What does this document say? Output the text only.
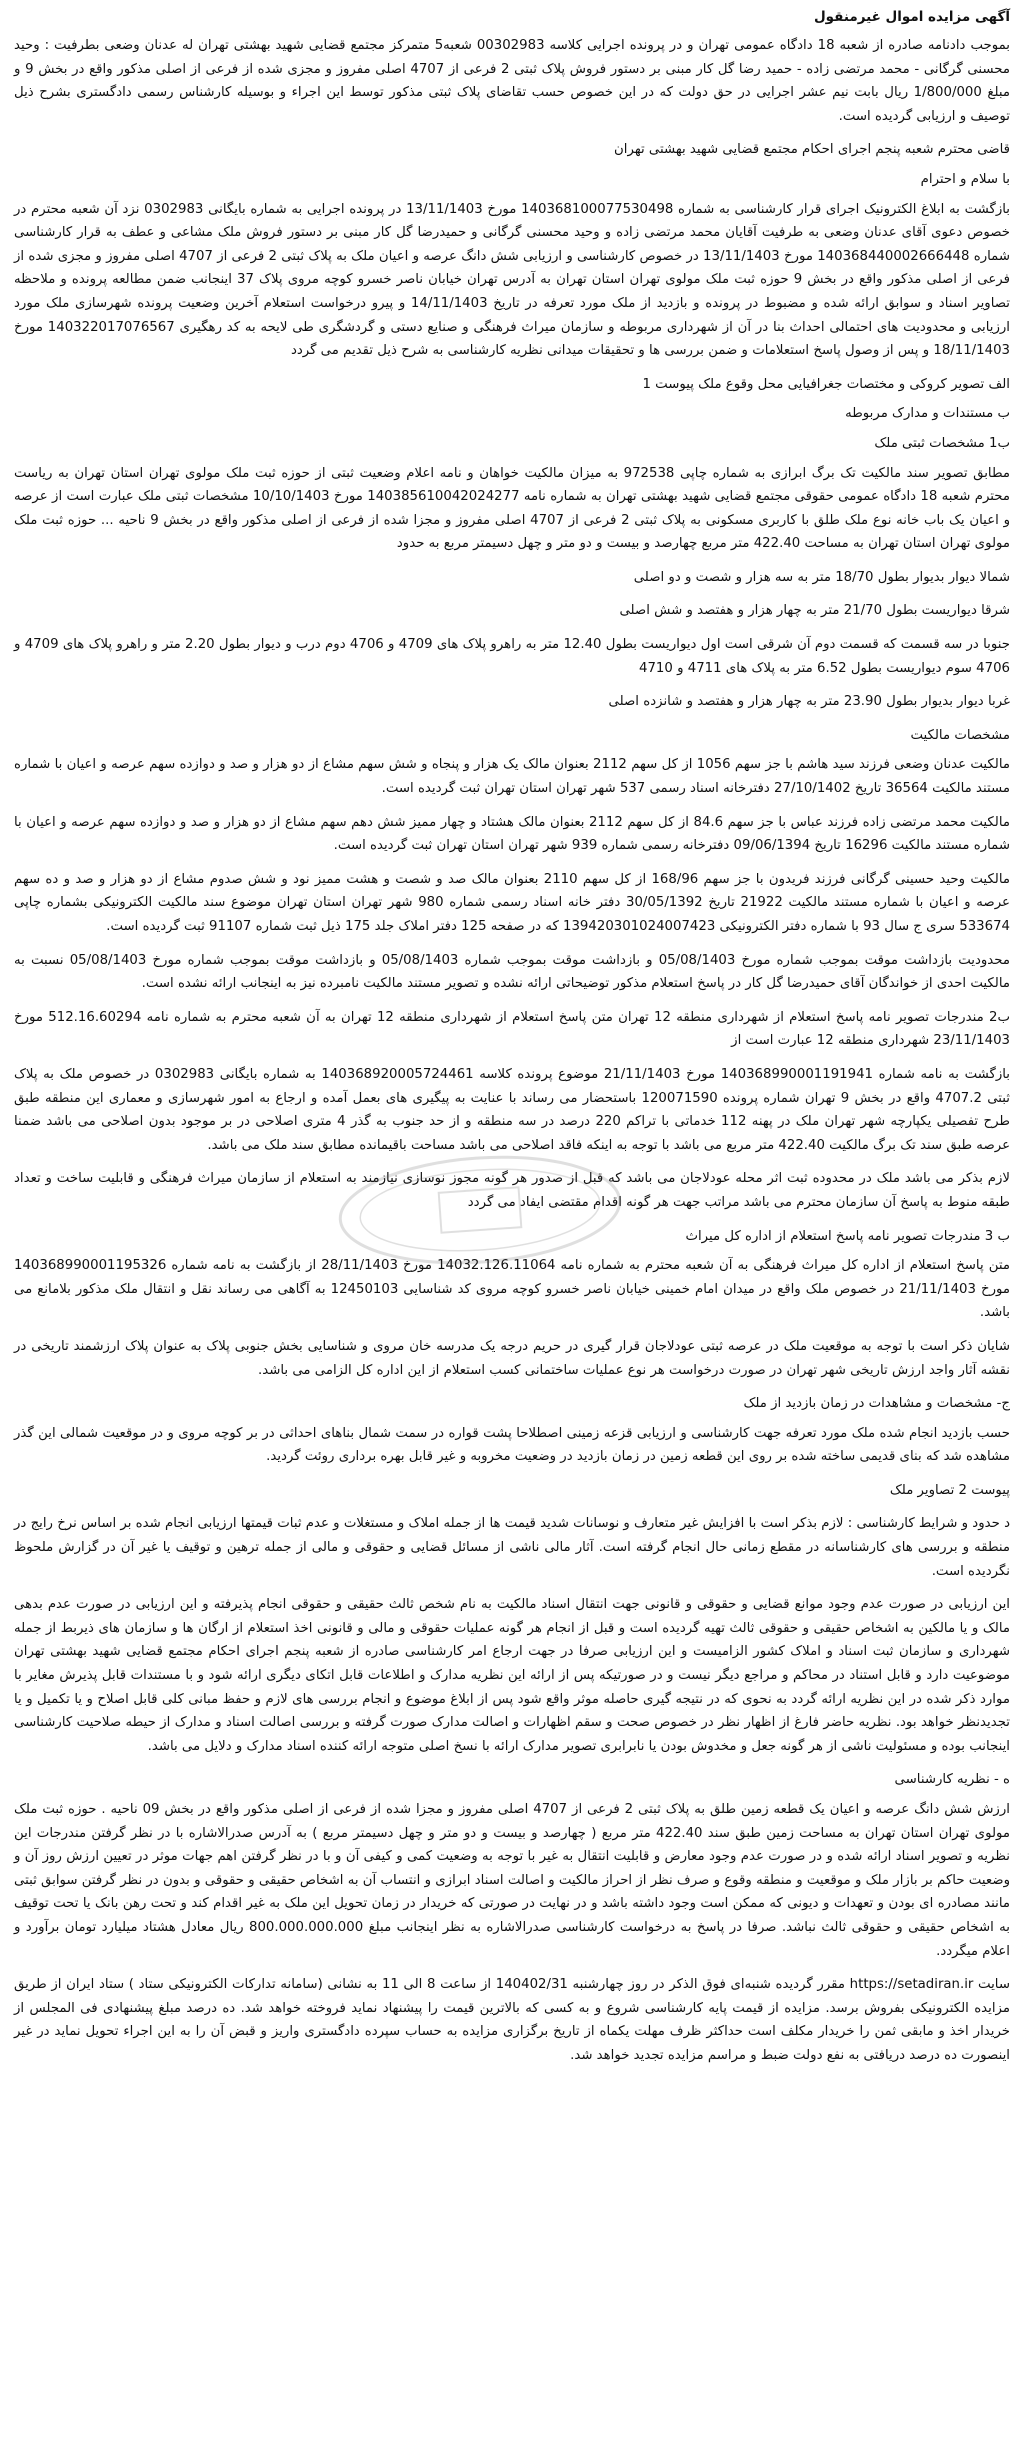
آگهی مزایده اموال غیرمنقول

بموجب دادنامه صادره از شعبه 18 دادگاه عمومی تهران و در پرونده اجرایی کلاسه 00302983 شعبه5 متمرکز مجتمع قضایی شهید بهشتی تهران له عدنان وضعی بطرفیت : وحید محسنی گرگانی - محمد مرتضی زاده - حمید رضا گل کار مبنی بر دستور فروش پلاک ثبتی 2 فرعی از 4707 اصلی مفروز و مجزی شده از فرعی از اصلی مذکور واقع در بخش 9 و مبلغ 1/800/000 ریال بابت نیم عشر اجرایی در حق دولت که در این خصوص حسب تقاضای پلاک ثبتی مذکور توسط این اجراء و بوسیله کارشناس رسمی دادگستری بشرح ذیل توصیف و ارزیابی گردیده است.

قاضی محترم شعبه پنجم اجرای احکام مجتمع قضایی شهید بهشتی تهران

با سلام و احترام

بازگشت به ابلاغ الکترونیک اجرای قرار کارشناسی به شماره 140368100077530498 مورخ 13/11/1403 در پرونده اجرایی به شماره بایگانی 0302983 نزد آن شعبه محترم در خصوص دعوی آقای عدنان وضعی به طرفیت آقایان محمد مرتضی زاده و وحید محسنی گرگانی و حمیدرضا گل کار مبنی بر دستور فروش ملک مشاعی و عطف به قرار کارشناسی شماره 140368440002666448 مورخ 13/11/1403 در خصوص کارشناسی و ارزیابی شش دانگ عرصه و اعیان ملک به پلاک ثبتی 2 فرعی از 4707 اصلی مفروز و مجزی شده از فرعی از اصلی مذکور واقع در بخش 9 حوزه ثبت ملک مولوی تهران استان تهران به آدرس تهران خیابان ناصر خسرو کوچه مروی پلاک 37 اینجانب ضمن مطالعه پرونده و ملاحظه تصاویر اسناد و سوابق ارائه شده و مضبوط در پرونده و بازدید از ملک مورد تعرفه در تاریخ 14/11/1403 و پیرو درخواست استعلام آخرین وضعیت پرونده شهرسازی ملک مورد ارزیابی و محدودیت های احتمالی احداث بنا در آن از شهرداری مربوطه و سازمان میراث فرهنگی و صنایع دستی و گردشگری طی لایحه به کد رهگیری 140322017076567 مورخ 18/11/1403 و پس از وصول پاسخ استعلامات و ضمن بررسی ها و تحقیقات میدانی نظریه کارشناسی به شرح ذیل تقدیم می گردد

الف تصویر کروکی و مختصات جغرافیایی محل وقوع ملک پیوست 1

ب مستندات و مدارک مربوطه

ب1 مشخصات ثبتی ملک

مطابق تصویر سند مالکیت تک برگ ابرازی به شماره چاپی 972538 به میزان مالکیت خواهان و نامه اعلام وضعیت ثبتی از حوزه ثبت ملک مولوی تهران استان تهران به ریاست محترم شعبه 18 دادگاه عمومی حقوقی مجتمع قضایی شهید بهشتی تهران به شماره نامه 140385610042024277 مورخ 10/10/1403 مشخصات ثبتی ملک عبارت است از عرصه و اعیان یک باب خانه نوع ملک طلق با کاربری مسکونی به پلاک ثبتی 2 فرعی از 4707 اصلی مفروز و مجزا شده از فرعی از اصلی مذکور واقع در بخش 9 ناحیه ... حوزه ثبت ملک مولوی تهران استان تهران به مساحت 422.40 متر مربع چهارصد و بیست و دو متر و چهل دسیمتر مربع به حدود

شمالا دیوار بدیوار بطول 18/70 متر به سه هزار و شصت و دو اصلی

شرقا دیواریست بطول 21/70 متر به چهار هزار و هفتصد و شش اصلی

جنوبا در سه قسمت که قسمت دوم آن شرقی است اول دیواریست بطول 12.40 متر به راهرو پلاک های 4709 و 4706 دوم درب و دیوار بطول 2.20 متر و راهرو پلاک های 4709 و 4706 سوم دیواریست بطول 6.52 متر به پلاک های 4711 و 4710

غربا دیوار بدیوار بطول 23.90 متر به چهار هزار و هفتصد و شانزده اصلی

مشخصات مالکیت

مالکیت عدنان وضعی فرزند سید هاشم با جز سهم 1056 از کل سهم 2112 بعنوان مالک یک هزار و پنجاه و شش سهم مشاع از دو هزار و صد و دوازده سهم عرصه و اعیان با شماره مستند مالکیت 36564 تاریخ 27/10/1402 دفترخانه اسناد رسمی 537 شهر تهران استان تهران ثبت گردیده است.

مالکیت محمد مرتضی زاده فرزند عباس با جز سهم 84.6 از کل سهم 2112 بعنوان مالک هشتاد و چهار ممیز شش دهم سهم مشاع از دو هزار و صد و دوازده سهم عرصه و اعیان با شماره مستند مالکیت 16296 تاریخ 09/06/1394 دفترخانه رسمی شماره 939 شهر تهران استان تهران ثبت گردیده است.

مالکیت وحید حسینی گرگانی فرزند فریدون با جز سهم 168/96 از کل سهم 2110 بعنوان مالک صد و شصت و هشت ممیز نود و شش صدوم مشاع از دو هزار و صد و ده سهم عرصه و اعیان با شماره مستند مالکیت 21922 تاریخ 30/05/1392 دفتر خانه اسناد رسمی شماره 980 شهر تهران استان تهران موضوع سند مالکیت الکترونیکی بشماره چاپی 533674 سری ج سال 93 با شماره دفتر الکترونیکی 139420301024007423 که در صفحه 125 دفتر املاک جلد 175 ذیل ثبت شماره 91107 ثبت گردیده است.

محدودیت بازداشت موقت بموجب شماره مورخ 05/08/1403 و بازداشت موقت بموجب شماره 05/08/1403 و بازداشت موقت بموجب شماره مورخ 05/08/1403 نسبت به مالکیت احدی از خواندگان آقای حمیدرضا گل کار در پاسخ استعلام مذکور توضیحاتی ارائه نشده و تصویر مستند مالکیت نامبرده نیز به اینجانب ارائه نشده است.

ب2 مندرجات تصویر نامه پاسخ استعلام از شهرداری منطقه 12 تهران متن پاسخ استعلام از شهرداری منطقه 12 تهران به آن شعبه محترم به شماره نامه 512.16.60294 مورخ 23/11/1403 شهرداری منطقه 12 عبارت است از

بازگشت به نامه شماره 140368990001191941 مورخ 21/11/1403 موضوع پرونده کلاسه 140368920005724461 به شماره بایگانی 0302983 در خصوص ملک به پلاک ثبتی 4707.2 واقع در بخش 9 تهران شماره پرونده 120071590 باستحضار می رساند با عنایت به پیگیری های بعمل آمده و ارجاع به امور شهرسازی و معماری این منطقه طبق طرح تفصیلی یکپارچه شهر تهران ملک در پهنه 112 خدماتی با تراکم 220 درصد در سه منطقه و از حد جنوب به گذر 4 متری اصلاحی در بر موجود بدون اصلاحی می باشد ضمنا عرصه طبق سند تک برگ مالکیت 422.40 متر مربع می باشد با توجه به اینکه فاقد اصلاحی می باشد مساحت باقیمانده مطابق سند ملک می باشد.

لازم بذکر می باشد ملک در محدوده ثبت اثر محله عودلاجان می باشد که قبل از صدور هر گونه مجوز نوسازی نیازمند به استعلام از سازمان میراث فرهنگی و قابلیت ساخت و تعداد طبقه منوط به پاسخ آن سازمان محترم می باشد مراتب جهت هر گونه اقدام مقتضی ایفاد می گردد

ب 3 مندرجات تصویر نامه پاسخ استعلام از اداره کل میراث

متن پاسخ استعلام از اداره کل میراث فرهنگی به آن شعبه محترم به شماره نامه 14032.126.11064 مورخ 28/11/1403 از بازگشت به نامه شماره 140368990001195326 مورخ 21/11/1403 در خصوص ملک واقع در میدان امام خمینی خیابان ناصر خسرو کوچه مروی کد شناسایی 12450103 به آگاهی می رساند نقل و انتقال ملک مذکور بلامانع می باشد.

شایان ذکر است با توجه به موقعیت ملک در عرصه ثبتی عودلاجان قرار گیری در حریم درجه یک مدرسه خان مروی و شناسایی بخش جنوبی پلاک به عنوان پلاک ارزشمند تاریخی در نقشه آثار واجد ارزش تاریخی شهر تهران در صورت درخواست هر نوع عملیات ساختمانی کسب استعلام از این اداره کل الزامی می باشد.

ج- مشخصات و مشاهدات در زمان بازدید از ملک

حسب بازدید انجام شده ملک مورد تعرفه جهت کارشناسی و ارزیابی قزعه زمینی اصطلاحا پشت قواره در سمت شمال بناهای احداثی در بر کوچه مروی و در موقعیت شمالی این گذر مشاهده شد که بنای قدیمی ساخته شده بر روی این قطعه زمین در زمان بازدید در وضعیت مخروبه و غیر قابل بهره برداری روئت گردید.

پیوست 2 تصاویر ملک

د حدود و شرایط کارشناسی : لازم بذکر است با افزایش غیر متعارف و نوسانات شدید قیمت ها از جمله املاک و مستغلات و عدم ثبات قیمتها ارزیابی انجام شده بر اساس نرخ رایج در منطقه و بررسی های کارشناسانه در مقطع زمانی حال انجام گرفته است. آثار مالی ناشی از مسائل قضایی و حقوقی و مالی از جمله ترهین و توقیف یا غیر آن در گزارش ملحوظ نگردیده است.

این ارزیابی در صورت عدم وجود موانع قضایی و حقوقی و قانونی جهت انتقال اسناد مالکیت به نام شخص ثالث حقیقی و حقوقی انجام پذیرفته و این ارزیابی در صورت عدم بدهی مالک و یا مالکین به اشخاص حقیقی و حقوقی ثالث تهیه گردیده است و قبل از انجام هر گونه عملیات حقوقی و مالی و قانونی اخذ استعلام از ارگان ها و سازمان های ذیربط از جمله شهرداری و سازمان ثبت اسناد و املاک کشور الزامیست و این ارزیابی صرفا در جهت ارجاع امر کارشناسی صادره از شعبه پنجم اجرای احکام مجتمع قضایی شهید بهشتی تهران موضوعیت دارد و قابل استناد در محاکم و مراجع دیگر نیست و در صورتیکه پس از ارائه این نظریه مدارک و اطلاعات قابل اتکای دیگری ارائه شود و با مستندات قابل پذیرش مغایر با موارد ذکر شده در این نظریه ارائه گردد به نحوی که در نتیجه گیری حاصله موثر واقع شود پس از ابلاغ موضوع و انجام بررسی های لازم و حفظ مبانی کلی قابل اصلاح و یا تکمیل و یا تجدیدنظر خواهد بود. نظریه حاضر فارغ از اظهار نظر در خصوص صحت و سقم اظهارات و اصالت مدارک صورت گرفته و بررسی اصالت اسناد و مدارک از حیطه صلاحیت کارشناسی اینجانب بوده و مسئولیت ناشی از هر گونه جعل و مخدوش بودن یا نابرابری تصویر مدارک ارائه با نسخ اصلی متوجه ارائه کننده اسناد مدارک و دلایل می باشد.

ه - نظریه کارشناسی

ارزش شش دانگ عرصه و اعیان یک قطعه زمین طلق به پلاک ثبتی 2 فرعی از 4707 اصلی مفروز و مجزا شده از فرعی از اصلی مذکور واقع در بخش 09 ناحیه . حوزه ثبت ملک مولوی تهران استان تهران به مساحت زمین طبق سند 422.40 متر مربع ( چهارصد و بیست و دو متر و چهل دسیمتر مربع ) به آدرس صدرالاشاره با در نظر گرفتن مندرجات این نظریه و تصویر اسناد ارائه شده و در صورت عدم وجود معارض و قابلیت انتقال به غیر با توجه به وضعیت کمی و کیفی آن و با در نظر گرفتن اهم جهات موثر در تعیین ارزش روز آن و وضعیت حاکم بر بازار ملک و موقعیت و منطقه وقوع و صرف نظر از احراز مالکیت و اصالت اسناد ابرازی و انتساب آن به اشخاص حقیقی و حقوقی و بدون در نظر گرفتن سوابق ثبتی مانند مصادره ای بودن و تعهدات و دیونی که ممکن است وجود داشته باشد و در نهایت در صورتی که خریدار در زمان تحویل این ملک به غیر اقدام کند و تحت رهن بانک یا تحت توقیف به اشخاص حقیقی و حقوقی ثالث نباشد. صرفا در پاسخ به درخواست کارشناسی صدرالاشاره به نظر اینجانب مبلغ 800.000.000.000 ریال معادل هشتاد میلیارد تومان برآورد و اعلام میگردد.

سایت https://setadiran.ir مقرر گردیده شنبه‌ای فوق الذکر در روز چهارشنبه 140402/31 از ساعت 8 الی 11 به نشانی (سامانه تدارکات الکترونیکی ستاد ) ستاد ایران از طریق مزایده الکترونیکی بفروش برسد. مزایده از قیمت پایه کارشناسی شروع و به کسی که بالاترین قیمت را پیشنهاد نماید فروخته خواهد شد. ده درصد مبلغ پیشنهادی فی المجلس از خریدار اخذ و مابقی ثمن را خریدار مکلف است حداکثر ظرف مهلت یکماه از تاریخ برگزاری مزایده به حساب سپرده دادگستری واریز و قبض آن را به این اجراء تحویل نماید در غیر اینصورت ده درصد دریافتی به نفع دولت ضبط و مراسم مزایده تجدید خواهد شد.
